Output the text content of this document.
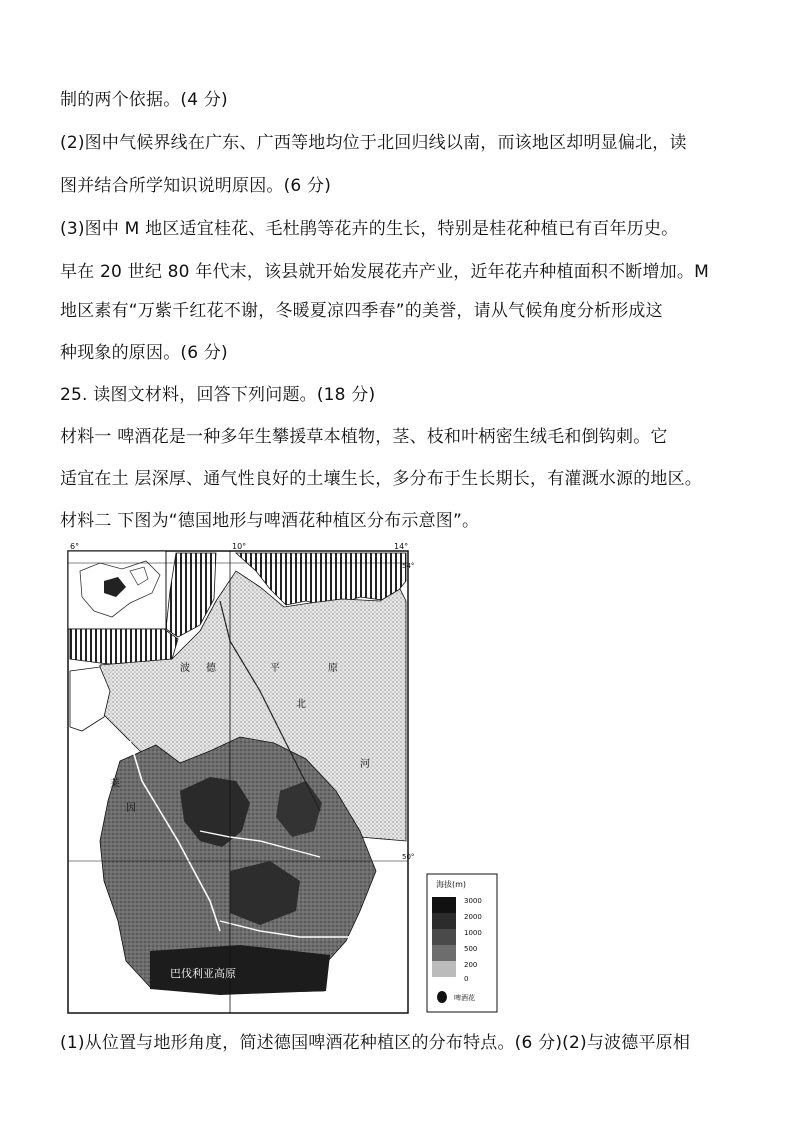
制的两个依据。(4 分)
(2)图中气候界线在广东、广西等地均位于北回归线以南，而该地区却明显偏北，读
图并结合所学知识说明原因。(6 分)
(3)图中 M 地区适宜桂花、毛杜鹃等花卉的生长，特别是桂花种植已有百年历史。
早在 20 世纪 80 年代末，该县就开始发展花卉产业，近年花卉种植面积不断增加。M
地区素有“万紫千红花不谢，冬暖夏凉四季春”的美誉，请从气候角度分析形成这
种现象的原因。(6 分)
25. 读图文材料，回答下列问题。(18 分)
材料一 啤酒花是一种多年生攀援草本植物，茎、枝和叶柄密生绒毛和倒钩刺。它
适宜在土 层深厚、通气性良好的土壤生长，多分布于生长期长，有灌溉水源的地区。
材料二 下图为“德国地形与啤酒花种植区分布示意图”。
6°	10°	14°
54°
50°
波 德	平	原
北
河
莱
因
巴伐利亚高原
海拔(m)
3000
2000
1000
500
200
0
啤酒花
(1)从位置与地形角度，简述德国啤酒花种植区的分布特点。(6 分)(2)与波德平原相
